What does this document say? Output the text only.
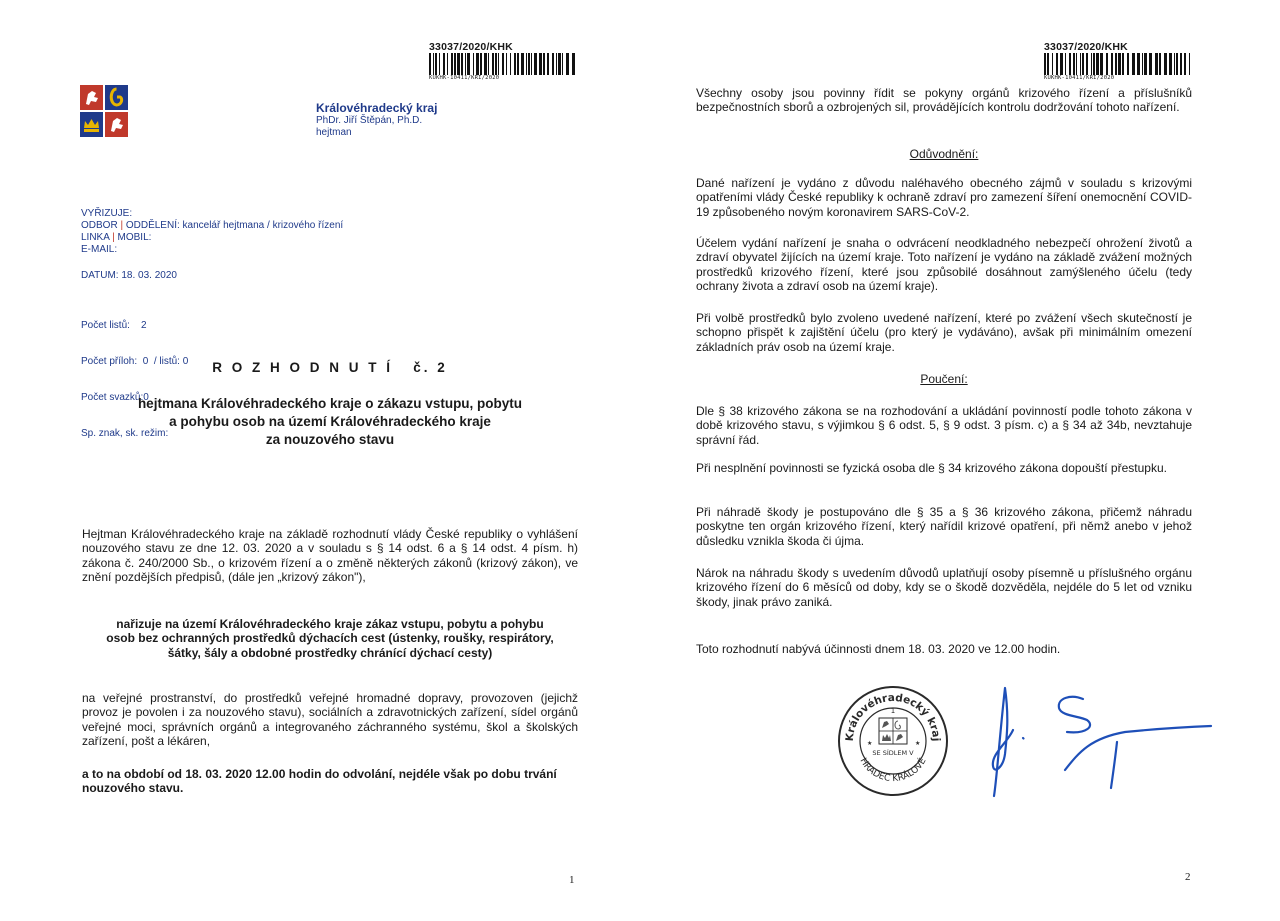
33037/2020/KHK
KUKHK-10411/KRI/2020
Královéhradecký kraj
PhDr. Jiří Štěpán, Ph.D.
hejtman
VYŘIZUJE:
ODBOR | ODDĚLENÍ: kancelář hejtmana / krizového řízení
LINKA | MOBIL:
E-MAIL:
DATUM: 18. 03. 2020

Počet listů:    2

Počet příloh:  0  / listů: 0

Počet svazků:0

Sp. znak, sk. režim:

R O Z H O D N U T Í   č. 2
hejtmana Královéhradeckého kraje o zákazu vstupu, pobytu
a pohybu osob na území Královéhradeckého kraje
za nouzového stavu
Hejtman Královéhradeckého kraje na základě rozhodnutí vlády České republiky o vyhlášení nouzového stavu ze dne 12. 03. 2020 a v souladu s § 14 odst. 6 a § 14 odst. 4 písm. h) zákona č. 240/2000 Sb., o krizovém řízení a o změně některých zákonů (krizový zákon), ve znění pozdějších předpisů, (dále jen „krizový zákon"),
nařizuje na území Královéhradeckého kraje zákaz vstupu, pobytu a pohybu
osob bez ochranných prostředků dýchacích cest (ústenky, roušky, respirátory,
šátky, šály a obdobné prostředky chránící dýchací cesty)
na veřejné prostranství, do prostředků veřejné hromadné dopravy, provozoven (jejichž provoz je povolen i za nouzového stavu), sociálních a zdravotnických zařízení, sídel orgánů veřejné moci, správních orgánů a integrovaného záchranného systému, škol a školských zařízení, pošt a lékáren,
a to na období od 18. 03. 2020 12.00 hodin do odvolání, nejdéle však po dobu trvání nouzového stavu.
1
33037/2020/KHK
KUKHK-10411/KRI/2020
Všechny osoby jsou povinny řídit se pokyny orgánů krizového řízení a příslušníků bezpečnostních sborů a ozbrojených sil, provádějících kontrolu dodržování tohoto nařízení.
Odůvodnění:
Dané nařízení je vydáno z důvodu naléhavého obecného zájmů v souladu s krizovými opatřeními vlády České republiky k ochraně zdraví pro zamezení šíření onemocnění COVID-19 způsobeného novým koronavirem SARS-CoV-2.
Účelem vydání nařízení je snaha o odvrácení neodkladného nebezpečí ohrožení životů a zdraví obyvatel žijících na území kraje. Toto nařízení je vydáno na základě zvážení možných prostředků krizového řízení, které jsou způsobilé dosáhnout zamýšleného účelu (tedy ochrany života a zdraví osob na území kraje).
Při volbě prostředků bylo zvoleno uvedené nařízení, které po zvážení všech skutečností je schopno přispět k zajištění účelu (pro který je vydáváno), avšak při minimálním omezení základních práv osob na území kraje.
Poučení:
Dle § 38 krizového zákona se na rozhodování a ukládání povinností podle tohoto zákona v době krizového stavu, s výjimkou § 6 odst. 5, § 9 odst. 3 písm. c) a § 34 až 34b, nevztahuje správní řád.
Při nesplnění povinnosti se fyzická osoba dle § 34 krizového zákona dopouští přestupku.
Při náhradě škody je postupováno dle § 35 a § 36 krizového zákona, přičemž náhradu poskytne ten orgán krizového řízení, který nařídil krizové opatření, při němž anebo v jehož důsledku vznikla škoda či újma.
Nárok na náhradu škody s uvedením důvodů uplatňují osoby písemně u příslušného orgánu krizového řízení do 6 měsíců od doby, kdy se o škodě dozvěděla, nejdéle do 5 let od vzniku škody, jinak právo zaniká.
Toto rozhodnutí nabývá účinnosti dnem 18. 03. 2020 ve 12.00 hodin.
Královéhradecký kraj
HRADEC KRÁLOVÉ
1
SE SÍDLEM V
★	★
2
